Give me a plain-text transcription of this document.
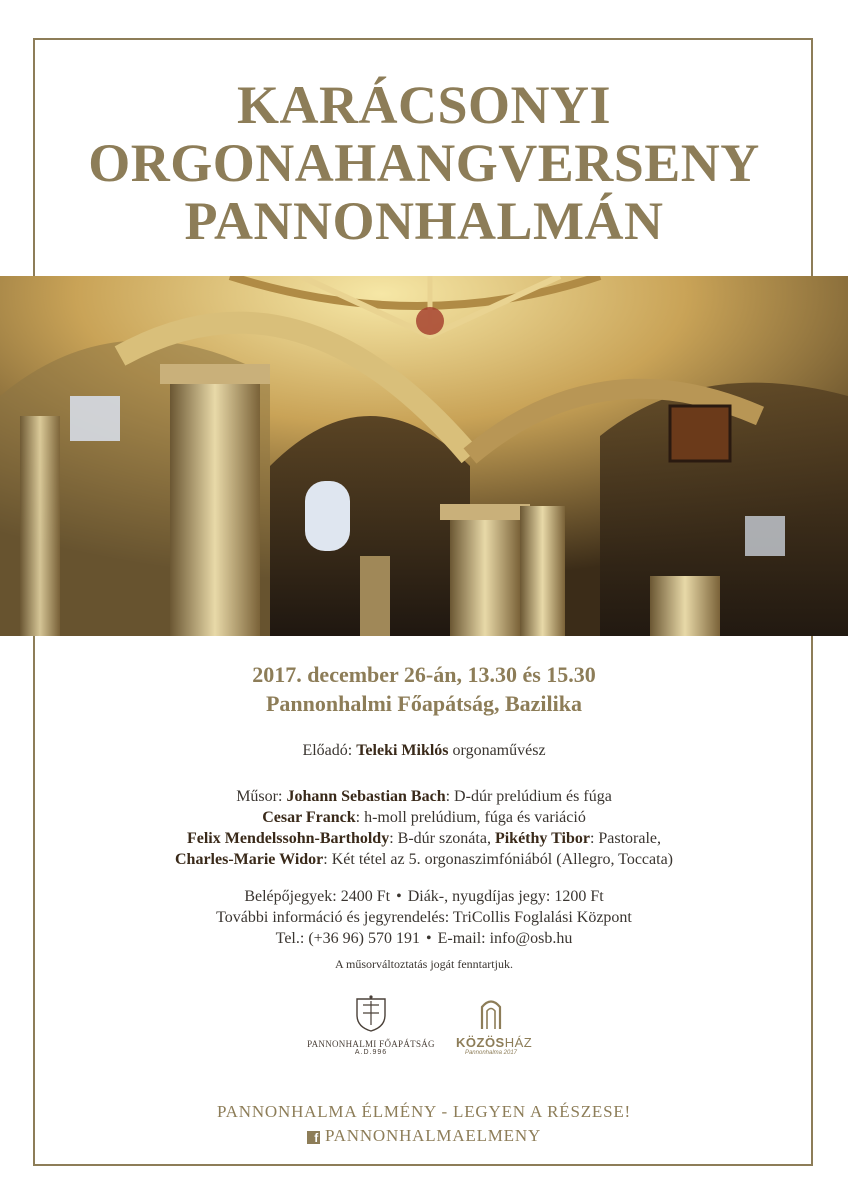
KARÁCSONYI
ORGONAHANGVERSENY
PANNONHALMÁN
2017. december 26-án, 13.30 és 15.30
Pannonhalmi Főapátság, Bazilika
Előadó: Teleki Miklós orgonaművész
Műsor: Johann Sebastian Bach: D-dúr prelúdium és fúga
Cesar Franck: h-moll prelúdium, fúga és variáció
Felix Mendelssohn-Bartholdy: B-dúr szonáta, Pikéthy Tibor: Pastorale,
Charles-Marie Widor: Két tétel az 5. orgonaszimfóniából (Allegro, Toccata)
Belépőjegyek: 2400 Ft • Diák-, nyugdíjas jegy: 1200 Ft
További információ és jegyrendelés: TriCollis Foglalási Központ
Tel.: (+36 96) 570 191 • E-mail: info@osb.hu
A műsorváltoztatás jogát fenntartjuk.
PANNONHALMI FŐAPÁTSÁG
A.D.996
KÖZÖSHÁZ
Pannonhalma 2017
PANNONHALMA ÉLMÉNY - LEGYEN A RÉSZESE!
f PANNONHALMAELMENY
